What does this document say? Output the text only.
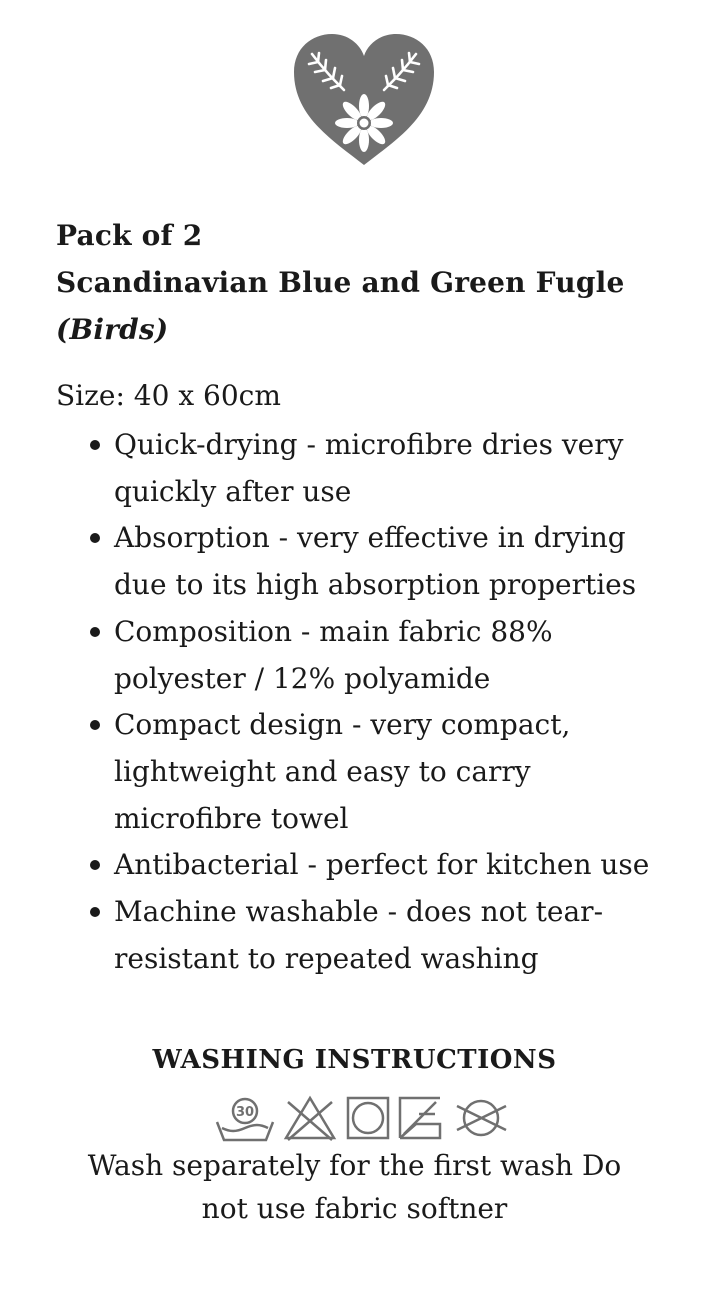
Pack of 2
Scandinavian Blue and Green Fugle
(Birds)
Size: 40 x 60cm
Quick-drying - microfibre dries very
quickly after use
Absorption - very effective in drying
due to its high absorption properties
Composition - main fabric 88%
polyester / 12% polyamide
Compact design - very compact,
lightweight and easy to carry
microfibre towel
Antibacterial - perfect for kitchen use
Machine washable - does not tear-
resistant to repeated washing
WASHING INSTRUCTIONS
30
Wash separately for the first wash Do
not use fabric softner
